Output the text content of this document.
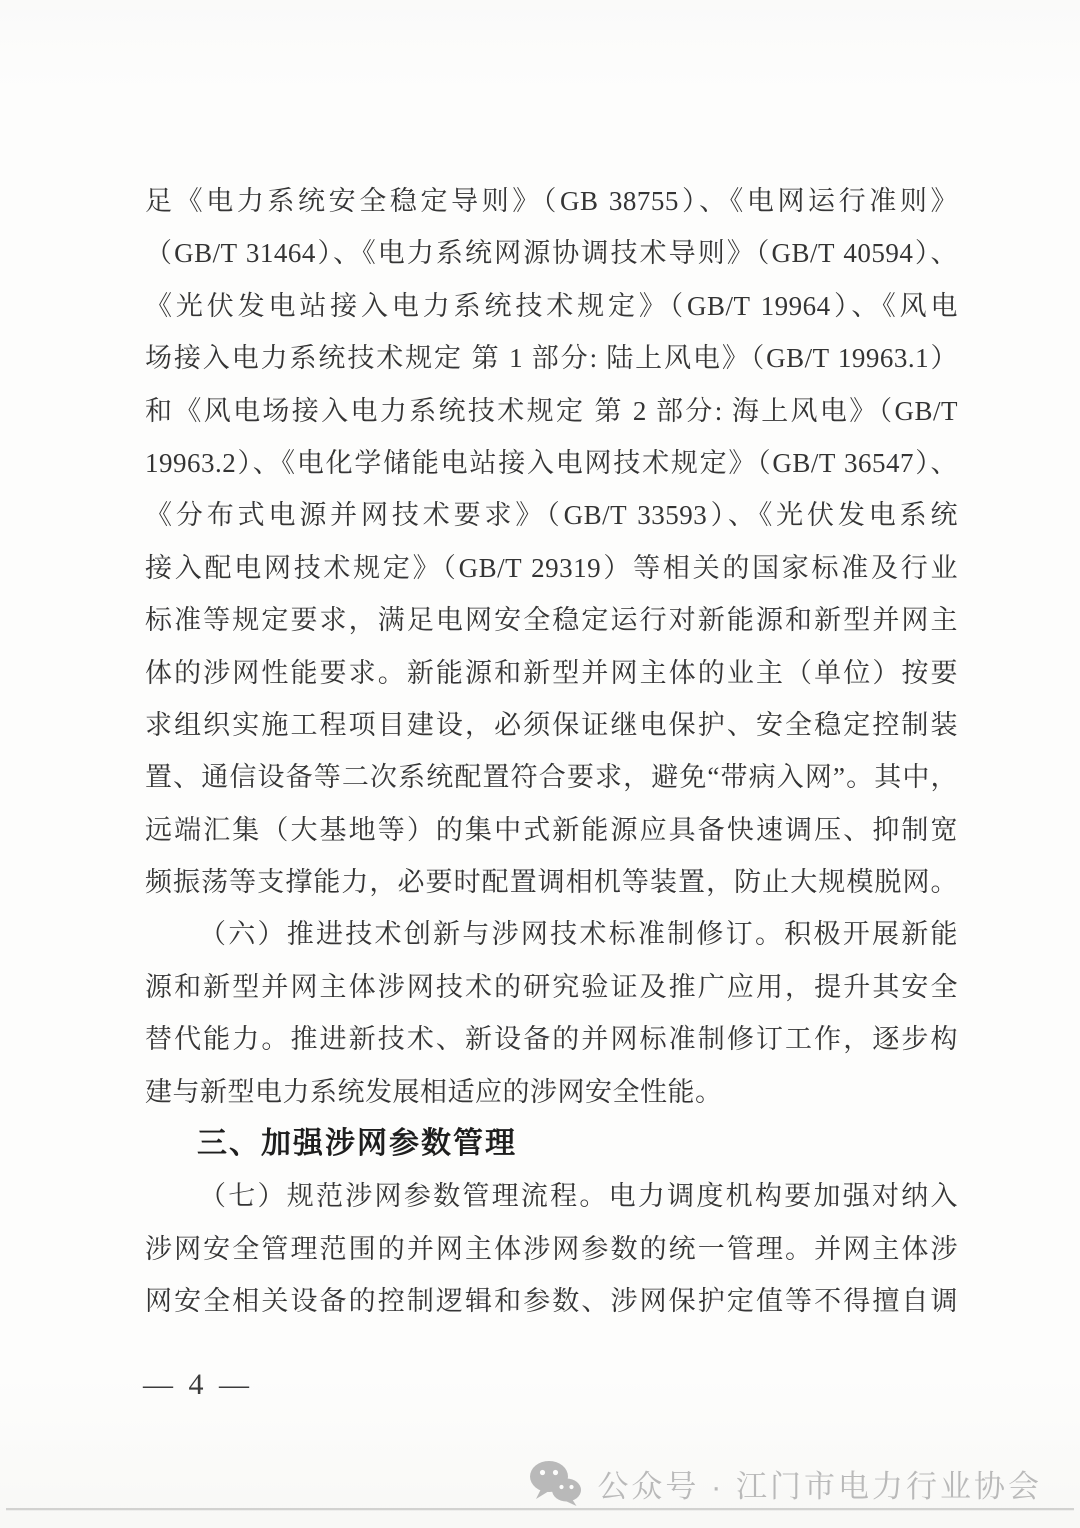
足《电力系统安全稳定导则》（GB 38755）、《电网运行准则》
（GB/T 31464）、《电力系统网源协调技术导则》（GB/T 40594）、
《光伏发电站接入电力系统技术规定》（GB/T 19964）、《风电
场接入电力系统技术规定 第 1 部分: 陆上风电》（GB/T 19963.1）
和《风电场接入电力系统技术规定 第 2 部分: 海上风电》（GB/T
19963.2）、《电化学储能电站接入电网技术规定》（GB/T 36547）、
《分布式电源并网技术要求》（GB/T 33593）、《光伏发电系统
接入配电网技术规定》（GB/T 29319）等相关的国家标准及行业
标准等规定要求，满足电网安全稳定运行对新能源和新型并网主
体的涉网性能要求。新能源和新型并网主体的业主（单位）按要
求组织实施工程项目建设，必须保证继电保护、安全稳定控制装
置、通信设备等二次系统配置符合要求，避免“带病入网”。其中，
远端汇集（大基地等）的集中式新能源应具备快速调压、抑制宽
频振荡等支撑能力，必要时配置调相机等装置，防止大规模脱网。
（六）推进技术创新与涉网技术标准制修订。积极开展新能
源和新型并网主体涉网技术的研究验证及推广应用，提升其安全
替代能力。推进新技术、新设备的并网标准制修订工作，逐步构
建与新型电力系统发展相适应的涉网安全性能。
三、加强涉网参数管理
（七）规范涉网参数管理流程。电力调度机构要加强对纳入
涉网安全管理范围的并网主体涉网参数的统一管理。并网主体涉
网安全相关设备的控制逻辑和参数、涉网保护定值等不得擅自调
— 4 —
公众号 · 江门市电力行业协会
